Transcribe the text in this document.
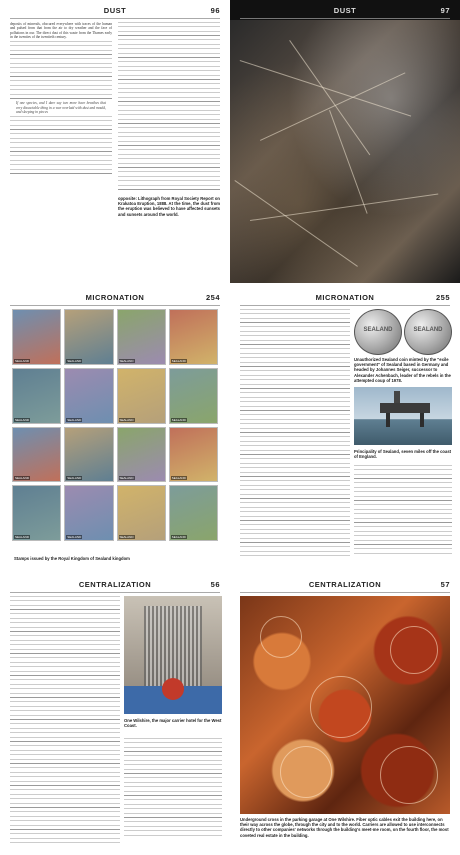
DUST	96

deposits of minerals, obscured everywhere with traces of the human and pulsed from that from the air to dry weather and the face of pollutions in our. The direct dust of this waste from the Thames early in the twenties of the twentieth century.

If one species, and I dare say two more have breathes that very dissociable thing in a war overlaid with dust and mould, and sleeping in pieces

opposite: Lithograph from Royal Society Report on Krakatoa Eruption, 1888. At the time, the dust from the eruption was believed to have affected sunsets and sunsets around the world.
DUST	97
MICRONATION	254
SEALAND	SEALAND	SEALAND	SEALAND
SEALAND	SEALAND	SEALAND	SEALAND
SEALAND	SEALAND	SEALAND	SEALAND
SEALAND	SEALAND	SEALAND	SEALAND
Stamps issued by the Royal Kingdom of Sealand kingdom
MICRONATION	255
SEALAND	SEALAND
Unauthorized Sealand coin minted by the "exile government" of Sealand based in Germany and headed by Johannes Seiger, successor to Alexander Achenbach, leader of the rebels in the attempted coup of 1978.
Principality of Sealand, seven miles off the coast of England.
CENTRALIZATION	56
One Wilshire, the major carrier hotel for the West Coast.
CENTRALIZATION	57
Underground cross in the parking garage at One Wilshire. Fiber optic cables exit the building here, on their way across the globe, through the city and to the world. Carriers are allowed to use interconnects directly to other companies' networks through the building's meet-me room, on the fourth floor, the most coveted real estate in the building.
